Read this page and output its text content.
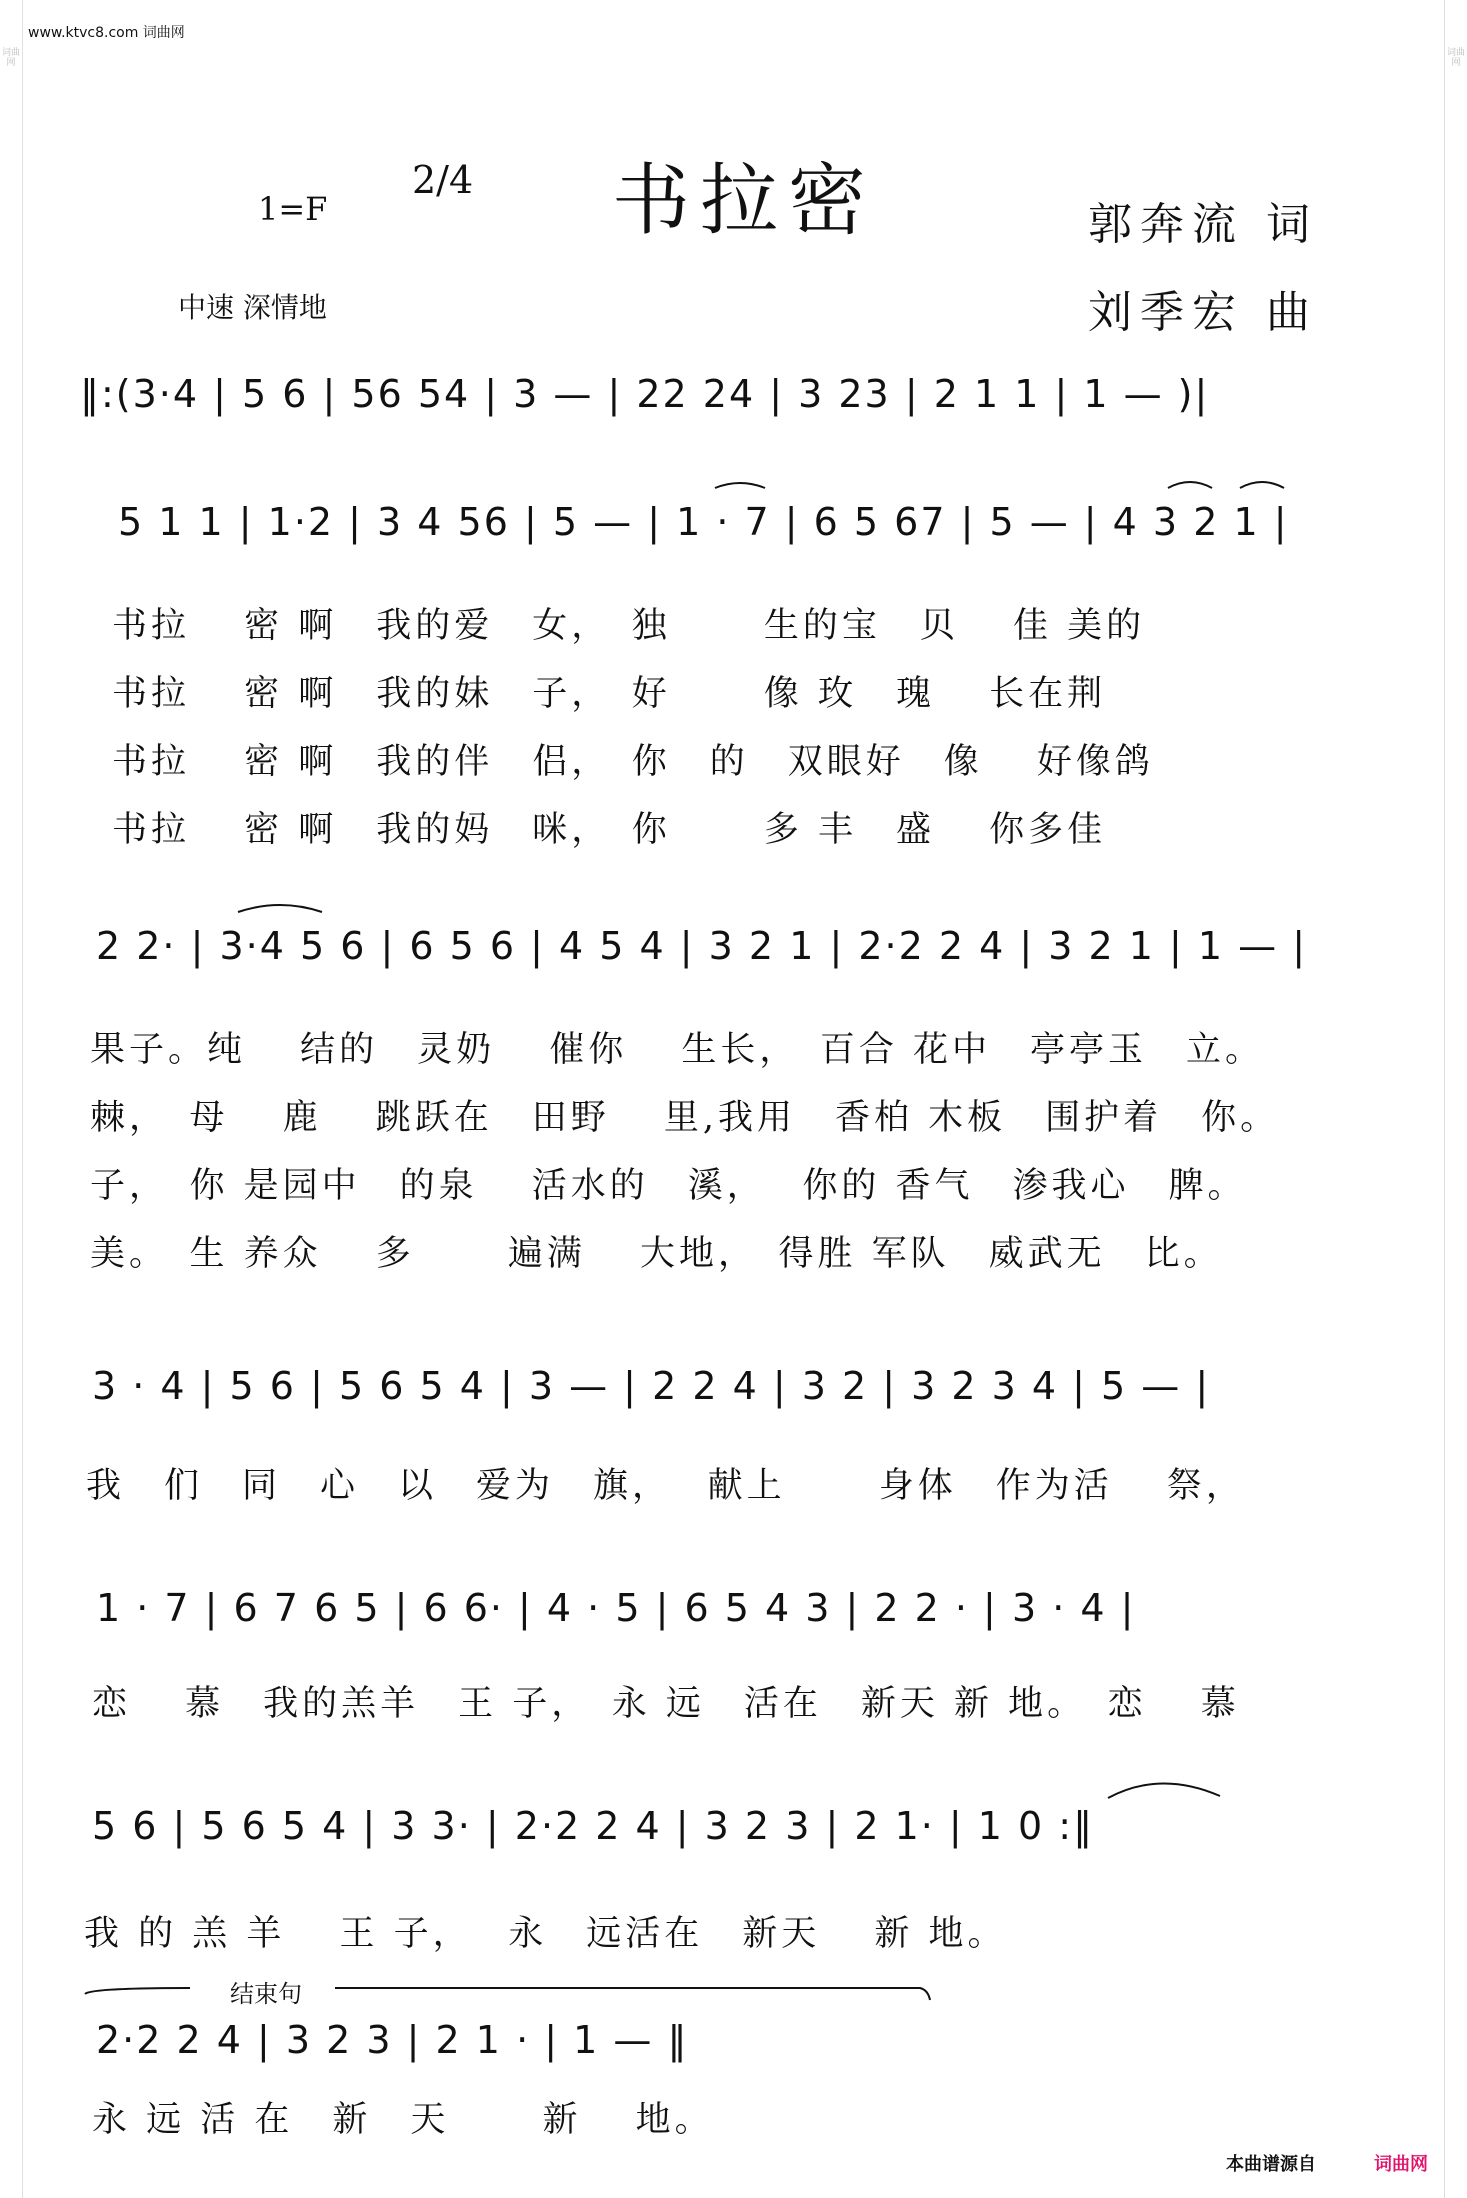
词曲网
词曲网
www.ktvc8.com 词曲网
书拉密
1=F
2/4
中速 深情地
郭奔流 词
刘季宏 曲
‖:(3·4 | 5 6 | 56 54 | 3 — | 22 24 | 3 23 | 2 1 1 | 1 — )|
5 1 1 | 1·2 | 3 4 56 | 5 — | 1 · 7 | 6 5 67 | 5 — | 4 3 2 1 |
书拉　 密 啊　我的爱　女，　独　　 生的宝　贝　 佳 美的
书拉　 密 啊　我的妹　子，　好　　 像 玫　瑰　 长在荆
书拉　 密 啊　我的伴　侣，　你　的　双眼好　像　 好像鸽
书拉　 密 啊　我的妈　咪，　你　　 多 丰　盛　 你多佳
2 2· | 3·4 5 6 | 6 5 6 | 4 5 4 | 3 2 1 | 2·2 2 4 | 3 2 1 | 1 — |
果子。纯　 结的　灵奶　 催你　 生长，　百合 花中　亭亭玉　立。
棘，　母　 鹿　 跳跃在　田野　 里,我用　香柏 木板　围护着　你。
子，　你 是园中　的泉　 活水的　溪，　 你的 香气　渗我心　脾。
美。　生 养众　 多　　 遍满　 大地，　得胜 军队　威武无　比。
3 · 4 | 5 6 | 5 6 5 4 | 3 — | 2 2 4 | 3 2 | 3 2 3 4 | 5 — |
我　们　同　心　以　爱为　旗，　 献上　　 身体　作为活　 祭，
1 · 7 | 6 7 6 5 | 6 6· | 4 · 5 | 6 5 4 3 | 2 2 · | 3 · 4 |
恋　 慕　我的羔羊　王 子，　永 远　活在　新天 新 地。　恋　 慕
5 6 | 5 6 5 4 | 3 3· | 2·2 2 4 | 3 2 3 | 2 1· | 1 0 :‖
我 的 羔 羊　 王 子，　 永　远活在　新天　 新 地。
结束句
2·2 2 4 | 3 2 3 | 2 1 · | 1 — ‖
永 远 活 在　新　天　　 新　 地。
本曲谱源自	词曲网
